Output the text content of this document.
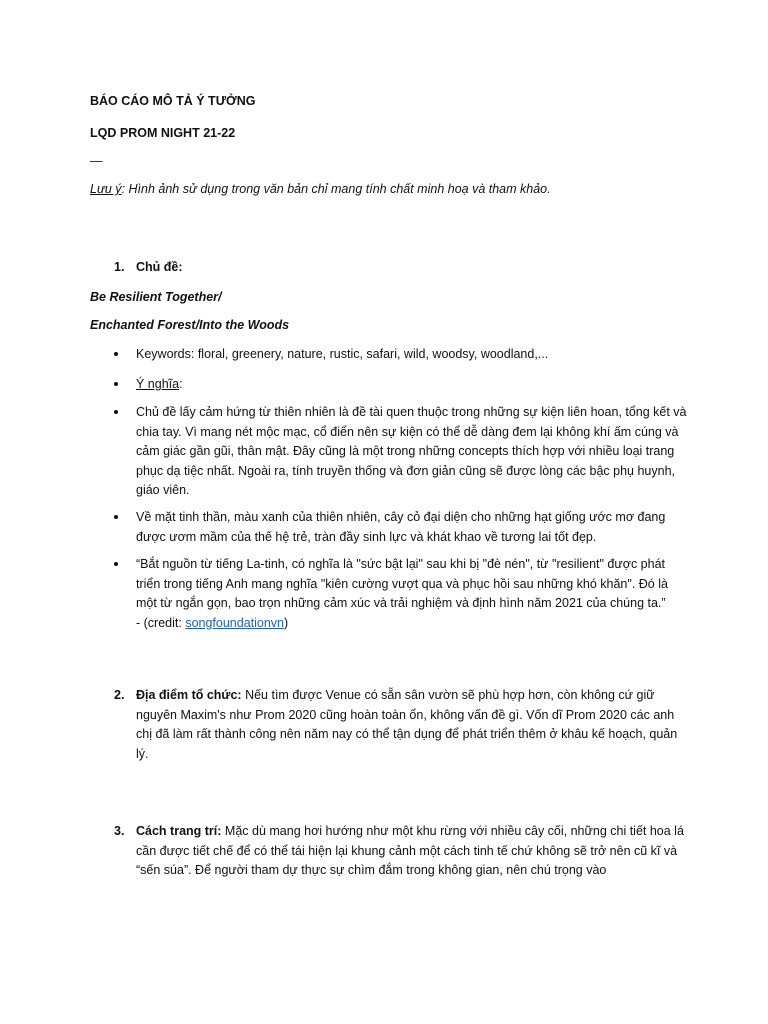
BÁO CÁO MÔ TẢ Ý TƯỞNG
LQD PROM NIGHT 21-22
—
Lưu ý: Hình ảnh sử dụng trong văn bản chỉ mang tính chất minh hoạ và tham khảo.
1. Chủ đề:
Be Resilient Together/
Enchanted Forest/Into the Woods
Keywords: floral, greenery, nature, rustic, safari, wild, woodsy, woodland,...
Ý nghĩa:
Chủ đề lấy cảm hứng từ thiên nhiên là đề tài quen thuộc trong những sự kiện liên hoan, tổng kết và chia tay. Vì mang nét mộc mạc, cổ điển nên sự kiện có thể dễ dàng đem lại không khí ấm cúng và cảm giác gần gũi, thân mật. Đây cũng là một trong những concepts thích hợp với nhiều loại trang phục dạ tiệc nhất. Ngoài ra, tính truyền thống và đơn giản cũng sẽ được lòng các bậc phụ huynh, giáo viên.
Về mặt tinh thần, màu xanh của thiên nhiên, cây cỏ đại diện cho những hạt giống ước mơ đang được ươm mầm của thế hệ trẻ, tràn đầy sinh lực và khát khao về tương lai tốt đẹp.
“Bắt nguồn từ tiếng La-tinh, có nghĩa là "sức bật lại" sau khi bị "đè nén", từ "resilient" được phát triển trong tiếng Anh mang nghĩa "kiên cường vượt qua và phục hồi sau những khó khăn". Đó là một từ ngắn gọn, bao trọn những cảm xúc và trải nghiệm và định hình năm 2021 của chúng ta.”
- (credit: songfoundationvn)
2. Địa điểm tổ chức: Nếu tìm được Venue có sẵn sân vườn sẽ phù hợp hơn, còn không cứ giữ nguyên Maxim's như Prom 2020 cũng hoàn toàn ổn, không vấn đề gì. Vốn dĩ Prom 2020 các anh chị đã làm rất thành công nên năm nay có thể tận dụng để phát triển thêm ở khâu kế hoạch, quản lý.
3. Cách trang trí: Mặc dù mang hơi hướng như một khu rừng với nhiều cây cối, những chi tiết hoa lá cần được tiết chế để có thể tái hiện lại khung cảnh một cách tinh tế chứ không sẽ trở nên cũ kĩ và “sến súa”. Để người tham dự thực sự chìm đắm trong không gian, nên chú trọng vào
